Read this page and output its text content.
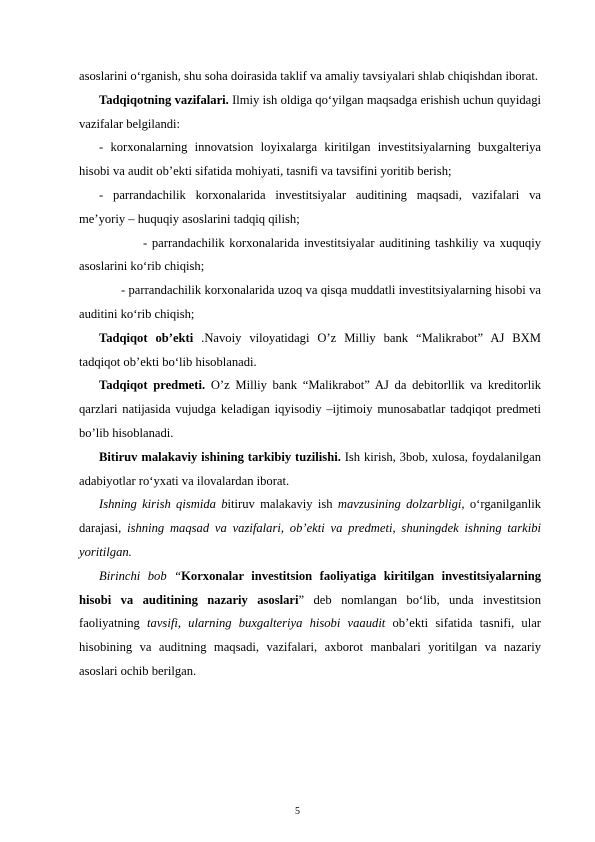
asoslarini o‘rganish, shu soha doirasida taklif va amaliy tavsiyalari shlab chiqishdan iborat.

Tadqiqotning vazifalari. Ilmiy ish oldiga qo‘yilgan maqsadga erishish uchun quyidagi vazifalar belgilandi:

- korxonalarning innovatsion loyixalarga kiritilgan investitsiyalarning buxgalteriya hisobi va audit ob’ekti sifatida mohiyati, tasnifi va tavsifini yoritib berish;

- parrandachilik korxonalarida investitsiyalar auditining maqsadi, vazifalari va me’yoriy – huquqiy asoslarini tadqiq qilish;

- parrandachilik korxonalarida investitsiyalar auditining tashkiliy va xuquqiy asoslarini ko‘rib chiqish;

- parrandachilik korxonalarida uzoq va qisqa muddatli investitsiyalarning hisobi va auditini ko‘rib chiqish;

Tadqiqot ob’ekti .Navoiy viloyatidagi O’z Milliy bank “Malikrabot” AJ BXM tadqiqot ob’ekti bo‘lib hisoblanadi.

Tadqiqot predmeti. O’z Milliy bank “Malikrabot” AJ da debitorllik va kreditorlik qarzlari natijasida vujudga keladigan iqyisodiy –ijtimoiy munosabatlar tadqiqot predmeti bo’lib hisoblanadi.

Bitiruv malakaviy ishining tarkibiy tuzilishi. Ish kirish, 3bob, xulosa, foydalanilgan adabiyotlar ro‘yxati va ilovalardan iborat.

Ishning kirish qismida bitiruv malakaviy ish mavzusining dolzarbligi, o‘rganilganlik darajasi, ishning maqsad va vazifalari, ob’ekti va predmeti, shuningdek ishning tarkibi yoritilgan.

Birinchi bob “Korxonalar investitsion faoliyatiga kiritilgan investitsiyalarning hisobi va auditining nazariy asoslari” deb nomlangan bo‘lib, unda investitsion faoliyatning tavsifi, ularning buxgalteriya hisobi vaaudit ob’ekti sifatida tasnifi, ular hisobining va auditning maqsadi, vazifalari, axborot manbalari yoritilgan va nazariy asoslari ochib berilgan.

5
